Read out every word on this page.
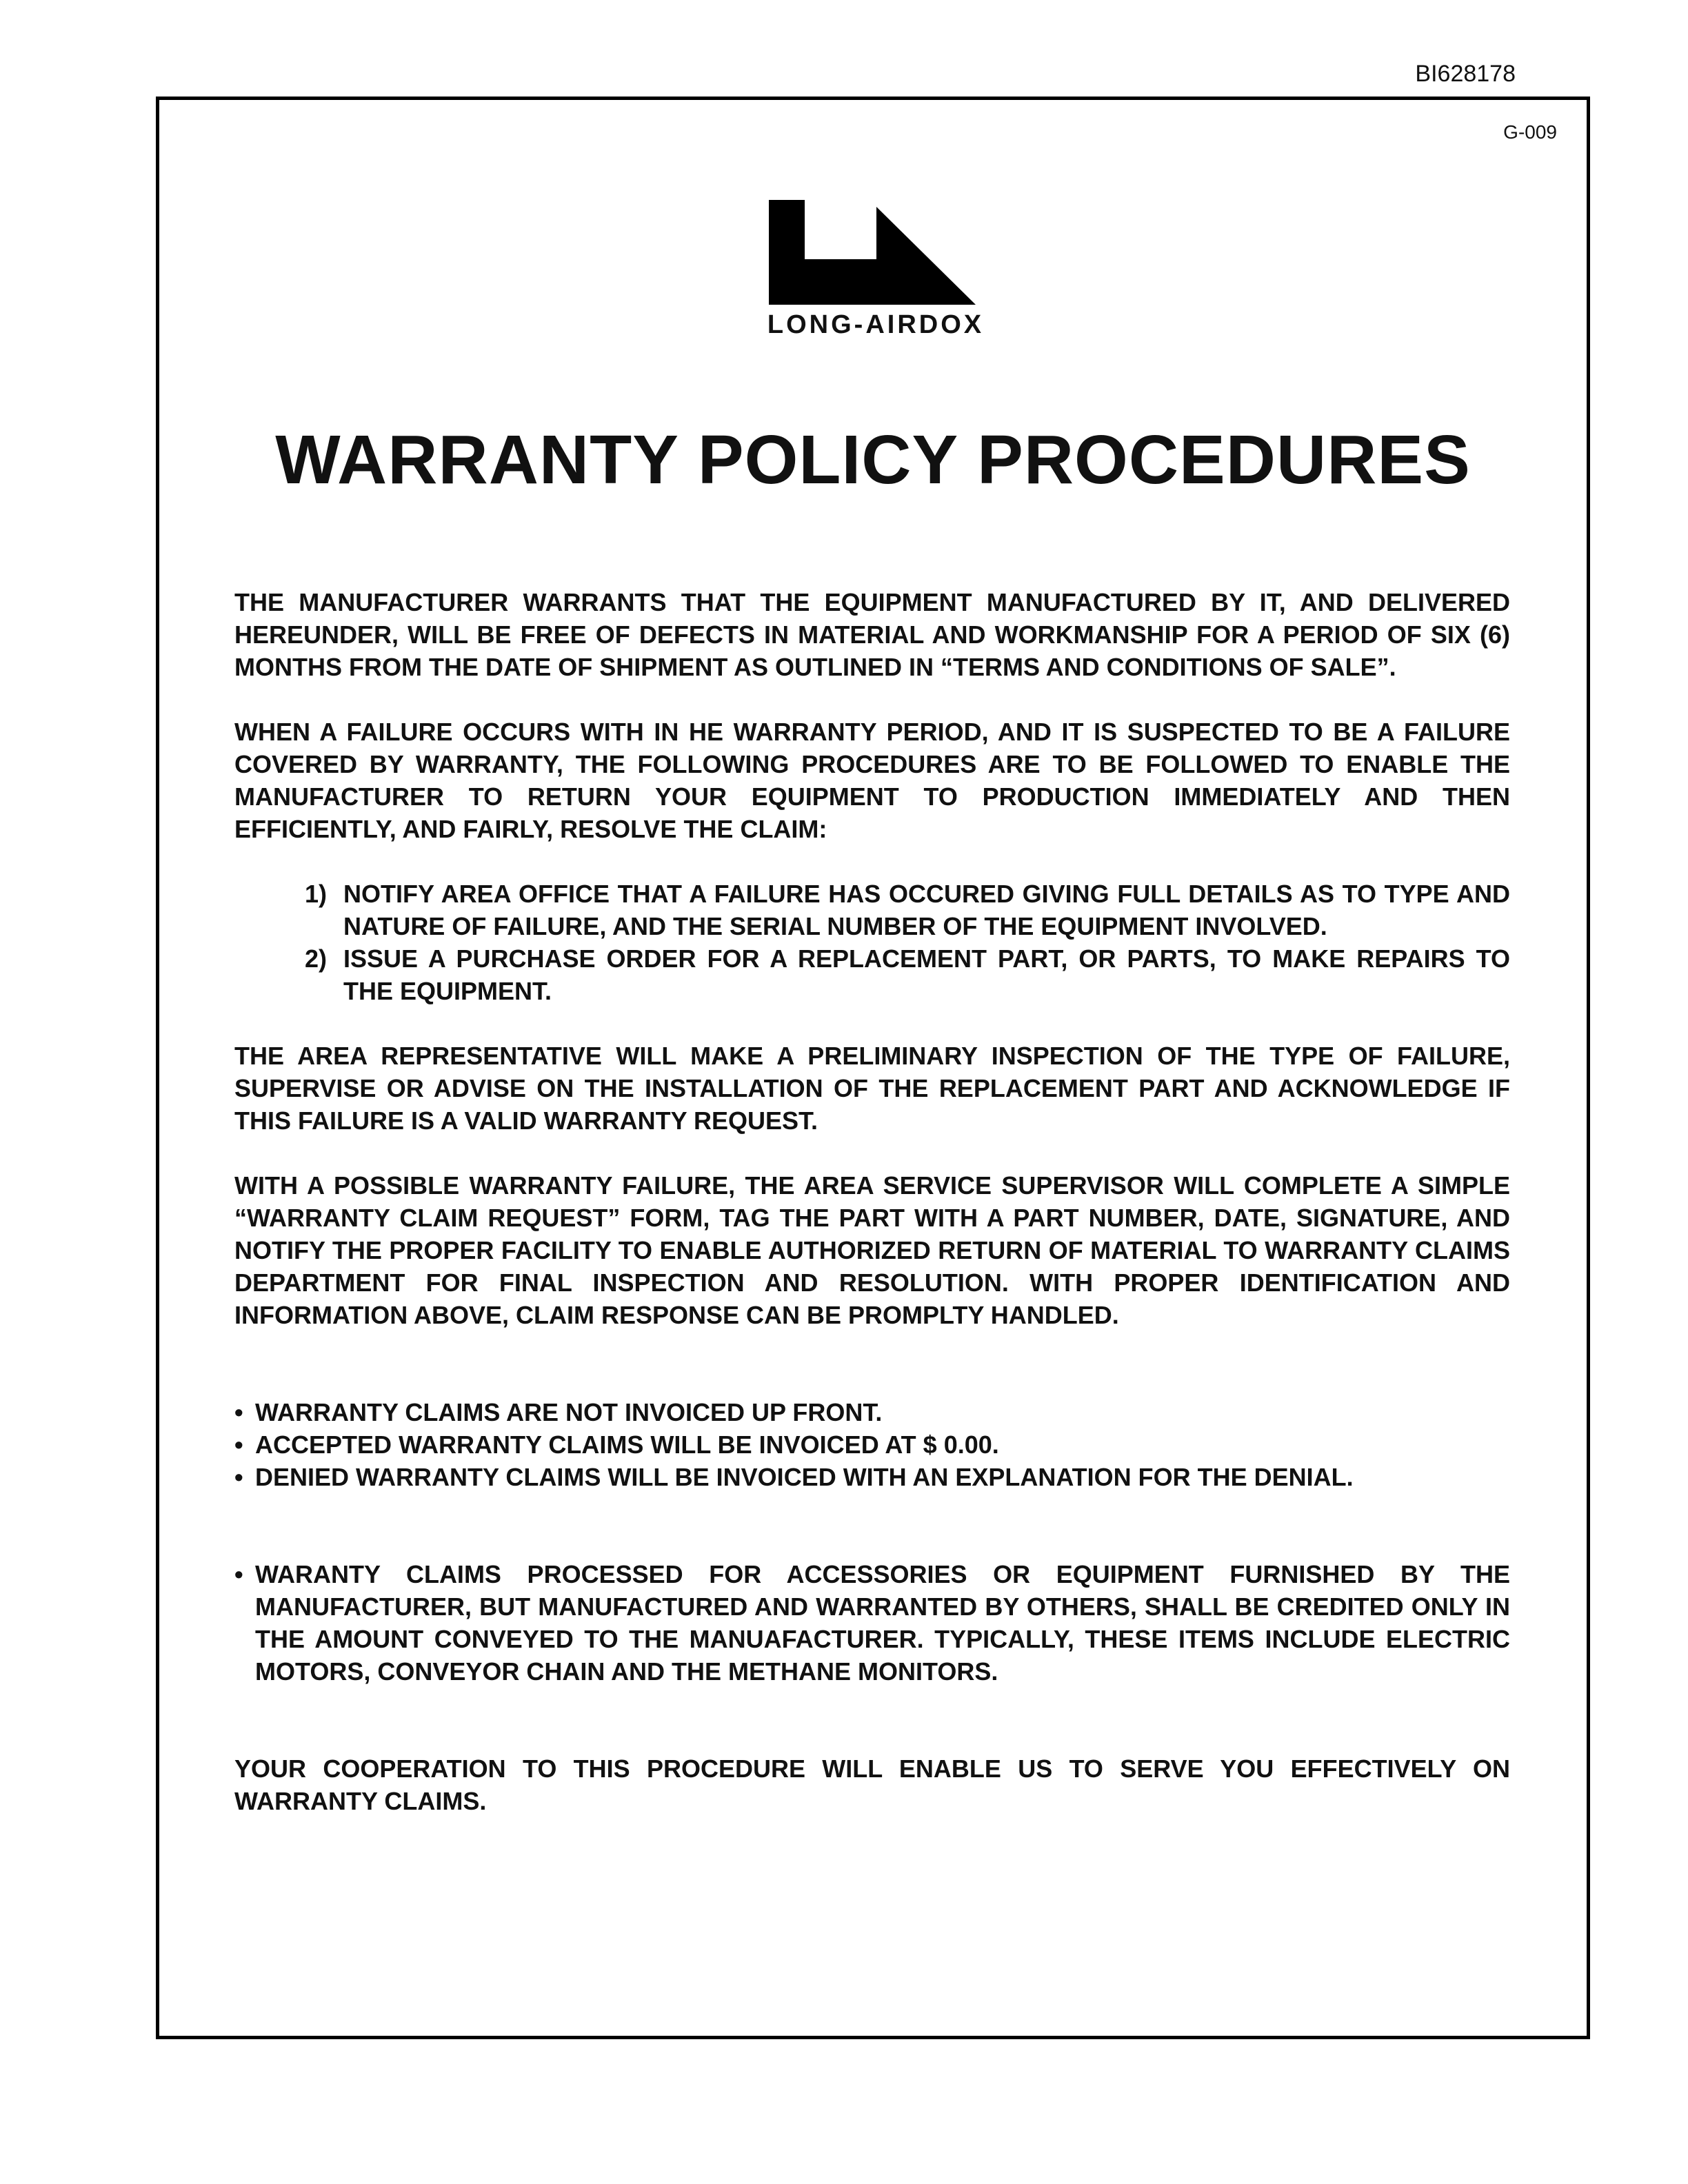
BI628178
G-009
LONG-AIRDOX
WARRANTY POLICY PROCEDURES

THE MANUFACTURER WARRANTS THAT THE EQUIPMENT MANUFACTURED BY IT, AND DELIVERED HEREUNDER, WILL BE FREE OF DEFECTS IN MATERIAL AND WORKMANSHIP FOR A PERIOD OF SIX (6) MONTHS FROM THE DATE OF SHIPMENT AS OUTLINED IN “TERMS AND CONDITIONS OF SALE”.

WHEN A FAILURE OCCURS WITH IN HE WARRANTY PERIOD, AND IT IS SUSPECTED TO BE A FAILURE COVERED BY WARRANTY, THE FOLLOWING PROCEDURES ARE TO BE FOLLOWED TO ENABLE THE MANUFACTURER TO RETURN YOUR EQUIPMENT TO PRODUCTION IMMEDIATELY AND THEN EFFICIENTLY, AND FAIRLY, RESOLVE THE CLAIM:

1) NOTIFY AREA OFFICE THAT A FAILURE HAS OCCURED GIVING FULL DETAILS AS TO TYPE AND NATURE OF FAILURE, AND THE SERIAL NUMBER OF THE EQUIPMENT INVOLVED.
2) ISSUE A PURCHASE ORDER FOR A REPLACEMENT PART, OR PARTS, TO MAKE REPAIRS TO THE EQUIPMENT.

THE AREA REPRESENTATIVE WILL MAKE A PRELIMINARY INSPECTION OF THE TYPE OF FAILURE, SUPERVISE OR ADVISE ON THE INSTALLATION OF THE REPLACEMENT PART AND ACKNOWLEDGE IF THIS FAILURE IS A VALID WARRANTY REQUEST.

WITH A POSSIBLE WARRANTY FAILURE, THE AREA SERVICE SUPERVISOR WILL COMPLETE A SIMPLE “WARRANTY CLAIM REQUEST” FORM, TAG THE PART WITH A PART NUMBER, DATE, SIGNATURE, AND NOTIFY THE PROPER FACILITY TO ENABLE AUTHORIZED RETURN OF MATERIAL TO WARRANTY CLAIMS DEPARTMENT FOR FINAL INSPECTION AND RESOLUTION. WITH PROPER IDENTIFICATION AND INFORMATION ABOVE, CLAIM RESPONSE CAN BE PROMPLTY HANDLED.

• WARRANTY CLAIMS ARE NOT INVOICED UP FRONT.
• ACCEPTED WARRANTY CLAIMS WILL BE INVOICED AT $ 0.00.
• DENIED WARRANTY CLAIMS WILL BE INVOICED WITH AN EXPLANATION FOR THE DENIAL.
• WARANTY CLAIMS PROCESSED FOR ACCESSORIES OR EQUIPMENT FURNISHED BY THE MANUFACTURER, BUT MANUFACTURED AND WARRANTED BY OTHERS, SHALL BE CREDITED ONLY IN THE AMOUNT CONVEYED TO THE MANUAFACTURER. TYPICALLY, THESE ITEMS INCLUDE ELECTRIC MOTORS, CONVEYOR CHAIN AND THE METHANE MONITORS.

YOUR COOPERATION TO THIS PROCEDURE WILL ENABLE US TO SERVE YOU EFFECTIVELY ON WARRANTY CLAIMS.
